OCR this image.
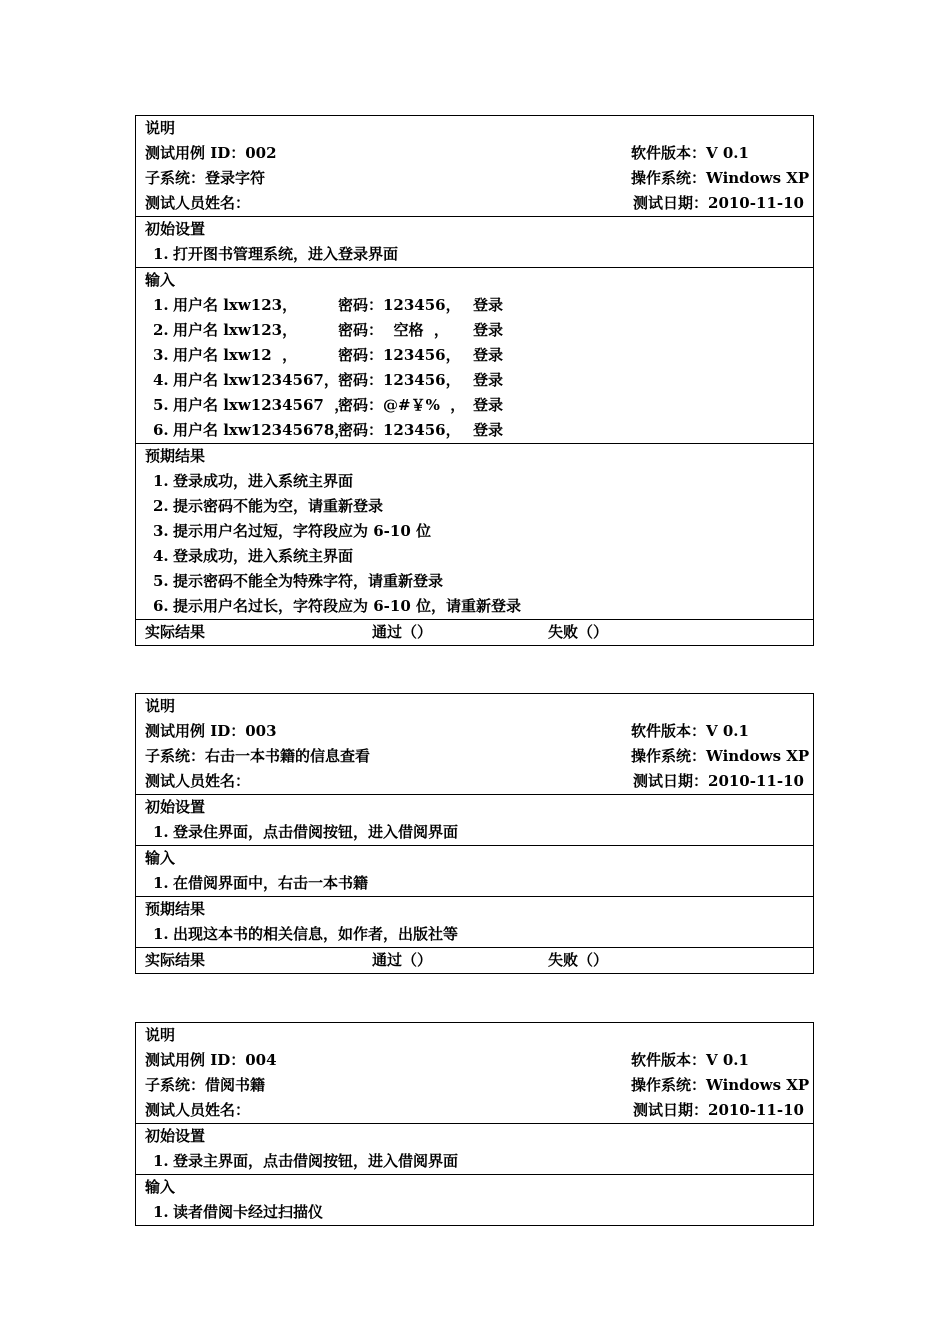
说明
测试用例 ID：002	软件版本：V 0.1
子系统：登录字符	操作系统：Windows XP
测试人员姓名：	测试日期：2010-11-10
初始设置
1. 打开图书管理系统，进入登录界面
输入
1. 用户名 lxw123，	密码：123456， 登录
2. 用户名 lxw123，	密码：  空格  ， 登录
3. 用户名 lxw12  ，	密码：123456， 登录
4. 用户名 lxw1234567，密码：123456， 登录
5. 用户名 lxw1234567  ，密码：@#￥%  ， 登录
6. 用户名 lxw12345678，密码：123456， 登录
预期结果
1. 登录成功，进入系统主界面
2. 提示密码不能为空，请重新登录
3. 提示用户名过短，字符段应为 6-10 位
4. 登录成功，进入系统主界面
5. 提示密码不能全为特殊字符，请重新登录
6. 提示用户名过长，字符段应为 6-10 位，请重新登录
实际结果	通过（）	失败（）
说明
测试用例 ID：003	软件版本：V 0.1
子系统：右击一本书籍的信息查看	操作系统：Windows XP
测试人员姓名：	测试日期：2010-11-10
初始设置
1. 登录住界面，点击借阅按钮，进入借阅界面
输入
1. 在借阅界面中，右击一本书籍
预期结果
1. 出现这本书的相关信息，如作者，出版社等
实际结果	通过（）	失败（）
说明
测试用例 ID：004	软件版本：V 0.1
子系统：借阅书籍	操作系统：Windows XP
测试人员姓名：	测试日期：2010-11-10
初始设置
1. 登录主界面，点击借阅按钮，进入借阅界面
输入
1. 读者借阅卡经过扫描仪
